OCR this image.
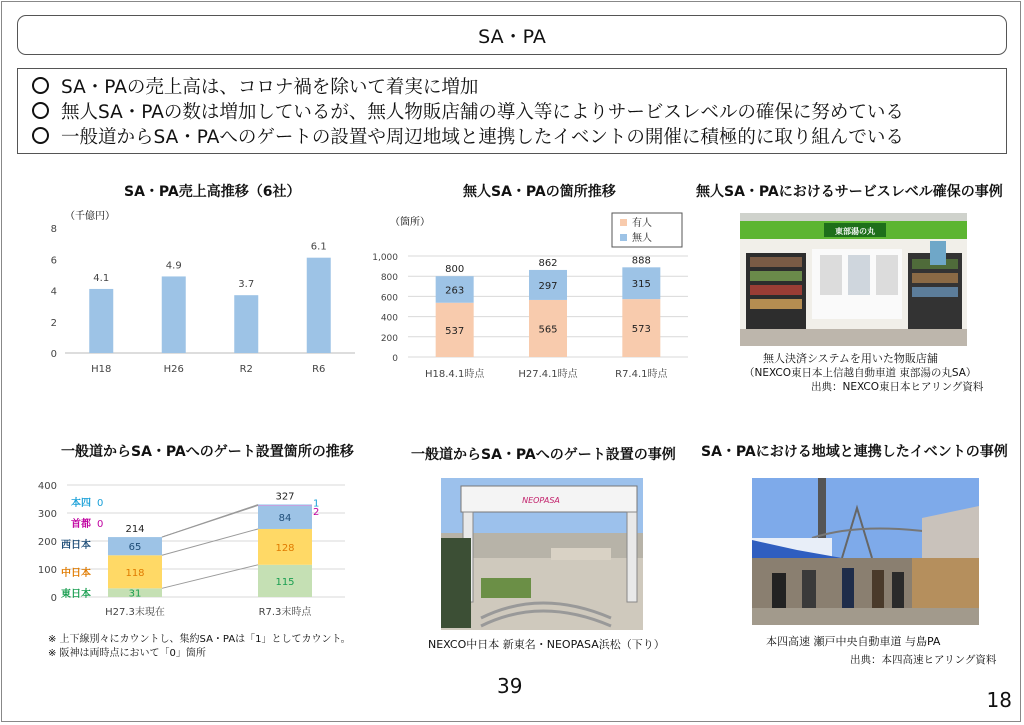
SA・PA
SA・PAの売上高は、コロナ禍を除いて着実に増加
無人SA・PAの数は増加しているが、無人物販店舗の導入等によりサービスレベルの確保に努めている
一般道からSA・PAへのゲートの設置や周辺地域と連携したイベントの開催に積極的に取り組んでいる
SA・PA売上高推移（6社）	無人SA・PAの箇所推移	無人SA・PAにおけるサービスレベル確保の事例
一般道からSA・PAへのゲート設置箇所の推移	一般道からSA・PAへのゲート設置の事例 SA・PAにおける地域と連携したイベントの事例
（千億円）
0
2
4
6
8
4.1
H18
4.9
H26
3.7
R2
6.1
R6
（箇所）
0
200
400
600
800
1,000
537
263
800
H18.4.1時点
565
297
862
H27.4.1時点
573
315
888
R7.4.1時点
有人
無人
0
100
200
300
400
31
118
65
214
H27.3末現在
115
128
84
327
R7.3末時点
東日本
中日本
西日本
首都
本四
0
0	1
2
※ 上下線別々にカウントし、集約SA・PAは「1」としてカウント。
※ 阪神は両時点において「0」箇所
東部湯の丸
無人決済システムを用いた物販店舗
（NEXCO東日本上信越自動車道 東部湯の丸SA）
出典：NEXCO東日本ヒアリング資料
NEOPASA
NEXCO中日本 新東名・NEOPASA浜松（下り）	本四高速 瀬戸中央自動車道 与島PA
出典：本四高速ヒアリング資料
39
18
